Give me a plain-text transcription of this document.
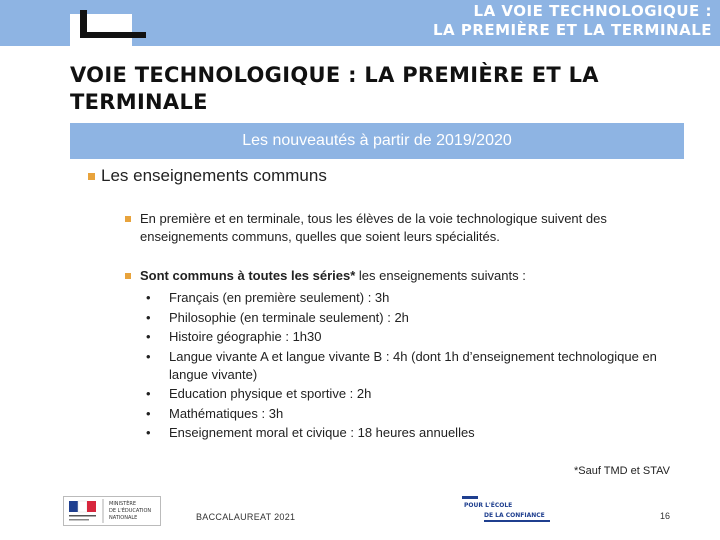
LA VOIE TECHNOLOGIQUE :
LA PREMIÈRE ET LA TERMINALE
VOIE TECHNOLOGIQUE : LA PREMIÈRE ET LA TERMINALE
Les nouveautés à partir de 2019/2020
Les enseignements communs
En première et en terminale, tous les élèves de la voie technologique suivent des enseignements communs, quelles que soient leurs spécialités.
Sont communs à toutes les séries* les enseignements suivants :
• Français (en première seulement) : 3h
• Philosophie (en terminale seulement) : 2h
• Histoire géographie : 1h30
• Langue vivante A et langue vivante B : 4h (dont 1h d’enseignement technologique en langue vivante)
• Education physique et sportive : 2h
• Mathématiques : 3h
• Enseignement moral et civique : 18 heures annuelles
*Sauf TMD et STAV
MINISTÈRE
DE L'ÉDUCATION
NATIONALE	BACCALAUREAT 2021
POUR L'ÉCOLE
DE LA CONFIANCE	16
